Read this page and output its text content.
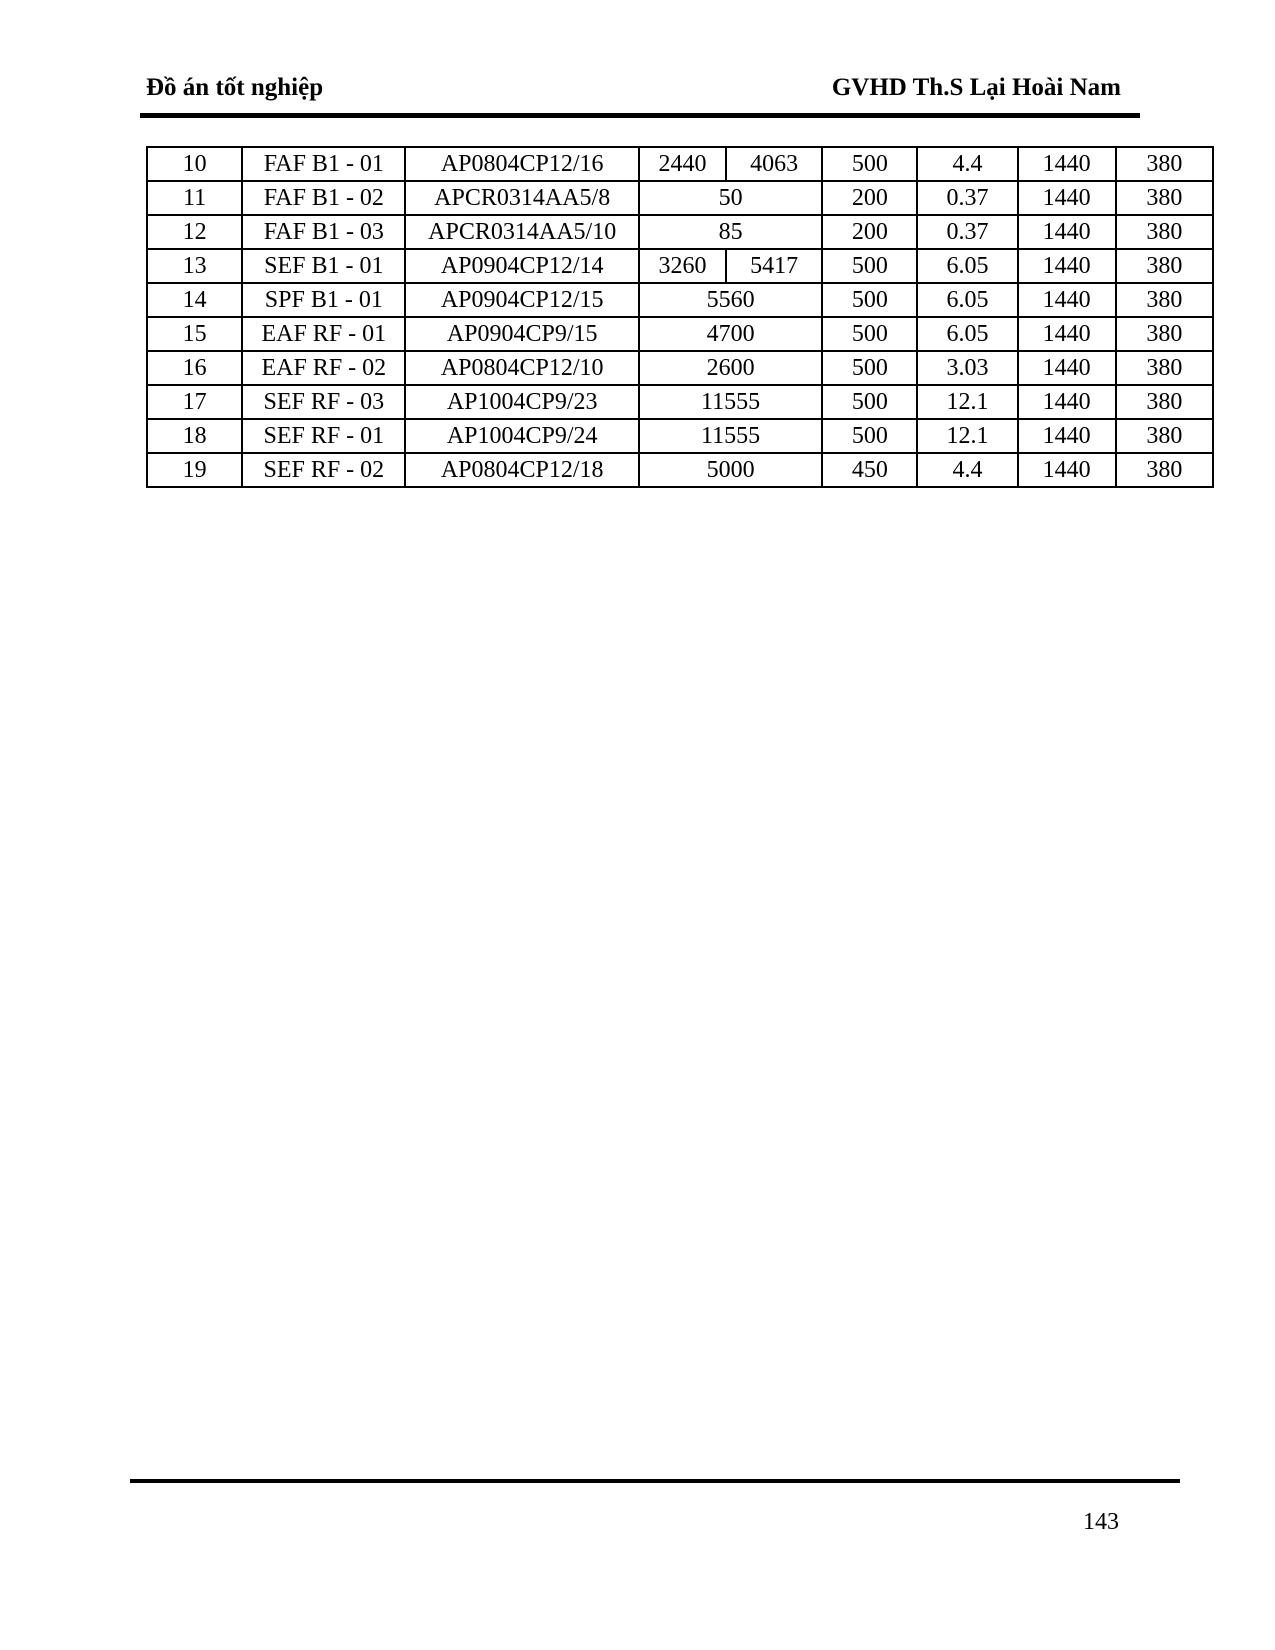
Đồ án tốt nghiệp	GVHD Th.S Lại Hoài Nam
10	FAF B1 - 01	AP0804CP12/16	2440	4063	500	4.4	1440	380
11	FAF B1 - 02	APCR0314AA5/8	50		200	0.37	1440	380
12	FAF B1 - 03	APCR0314AA5/10	85		200	0.37	1440	380
13	SEF B1 - 01	AP0904CP12/14	3260	5417	500	6.05	1440	380
14	SPF B1 - 01	AP0904CP12/15	5560		500	6.05	1440	380
15	EAF RF - 01	AP0904CP9/15	4700		500	6.05	1440	380
16	EAF RF - 02	AP0804CP12/10	2600		500	3.03	1440	380
17	SEF RF - 03	AP1004CP9/23	11555		500	12.1	1440	380
18	SEF RF - 01	AP1004CP9/24	11555		500	12.1	1440	380
19	SEF RF - 02	AP0804CP12/18	5000		450	4.4	1440	380
143
